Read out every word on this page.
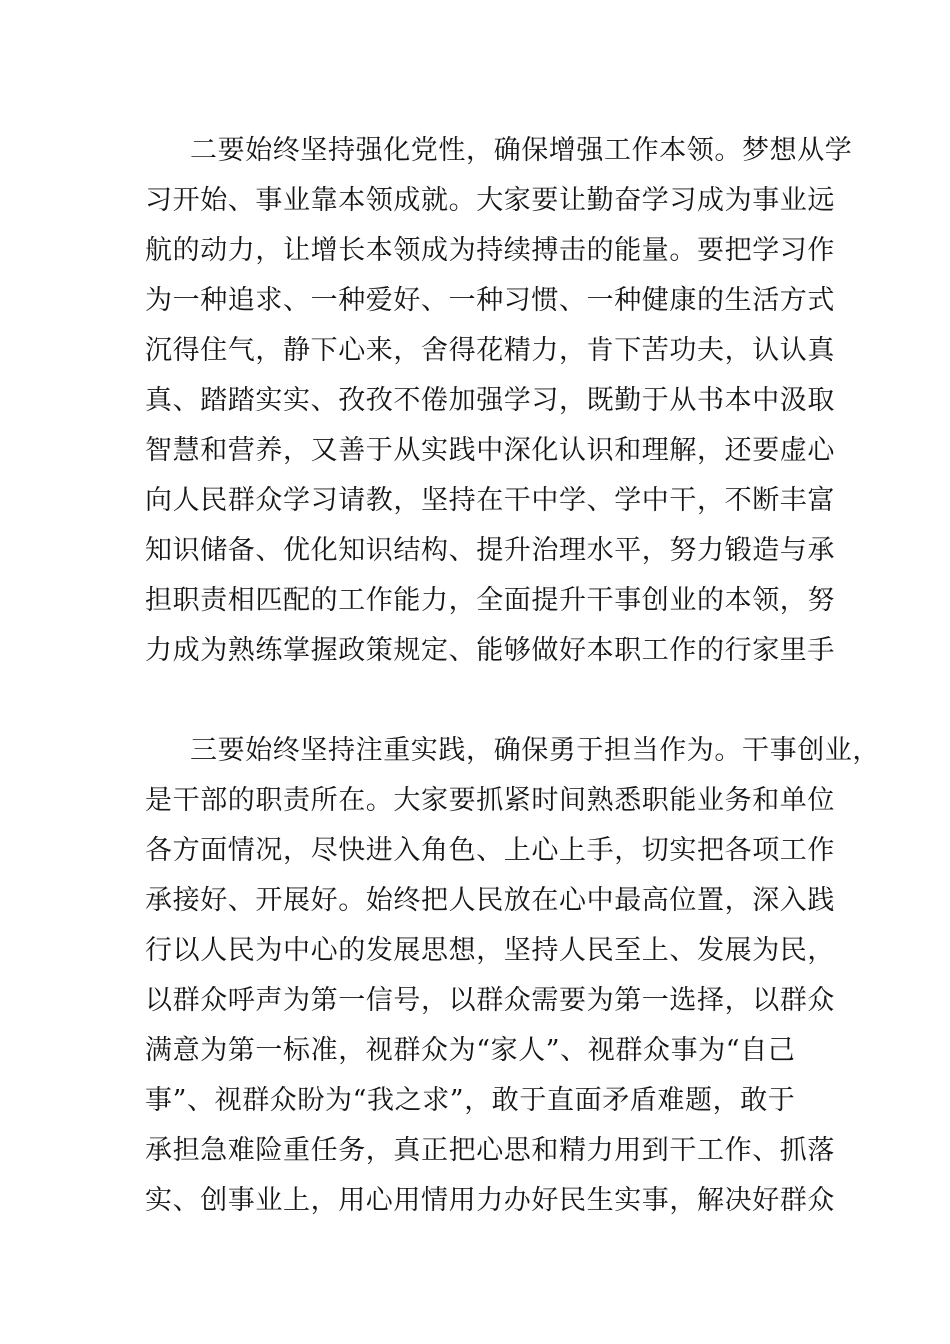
二要始终坚持强化党性，确保增强工作本领。梦想从学

习开始、事业靠本领成就。大家要让勤奋学习成为事业远

航的动力，让增长本领成为持续搏击的能量。要把学习作

为一种追求、一种爱好、一种习惯、一种健康的生活方式

沉得住气，静下心来，舍得花精力，肯下苦功夫，认认真

真、踏踏实实、孜孜不倦加强学习，既勤于从书本中汲取

智慧和营养，又善于从实践中深化认识和理解，还要虚心

向人民群众学习请教，坚持在干中学、学中干，不断丰富

知识储备、优化知识结构、提升治理水平，努力锻造与承

担职责相匹配的工作能力，全面提升干事创业的本领，努

力成为熟练掌握政策规定、能够做好本职工作的行家里手

三要始终坚持注重实践，确保勇于担当作为。干事创业，

是干部的职责所在。大家要抓紧时间熟悉职能业务和单位

各方面情况，尽快进入角色、上心上手，切实把各项工作

承接好、开展好。始终把人民放在心中最高位置，深入践

行以人民为中心的发展思想，坚持人民至上、发展为民，

以群众呼声为第一信号，以群众需要为第一选择，以群众

满意为第一标准，视群众为“家人”、视群众事为“自己

事”、视群众盼为“我之求”，敢于直面矛盾难题，敢于

承担急难险重任务，真正把心思和精力用到干工作、抓落

实、创事业上，用心用情用力办好民生实事，解决好群众
